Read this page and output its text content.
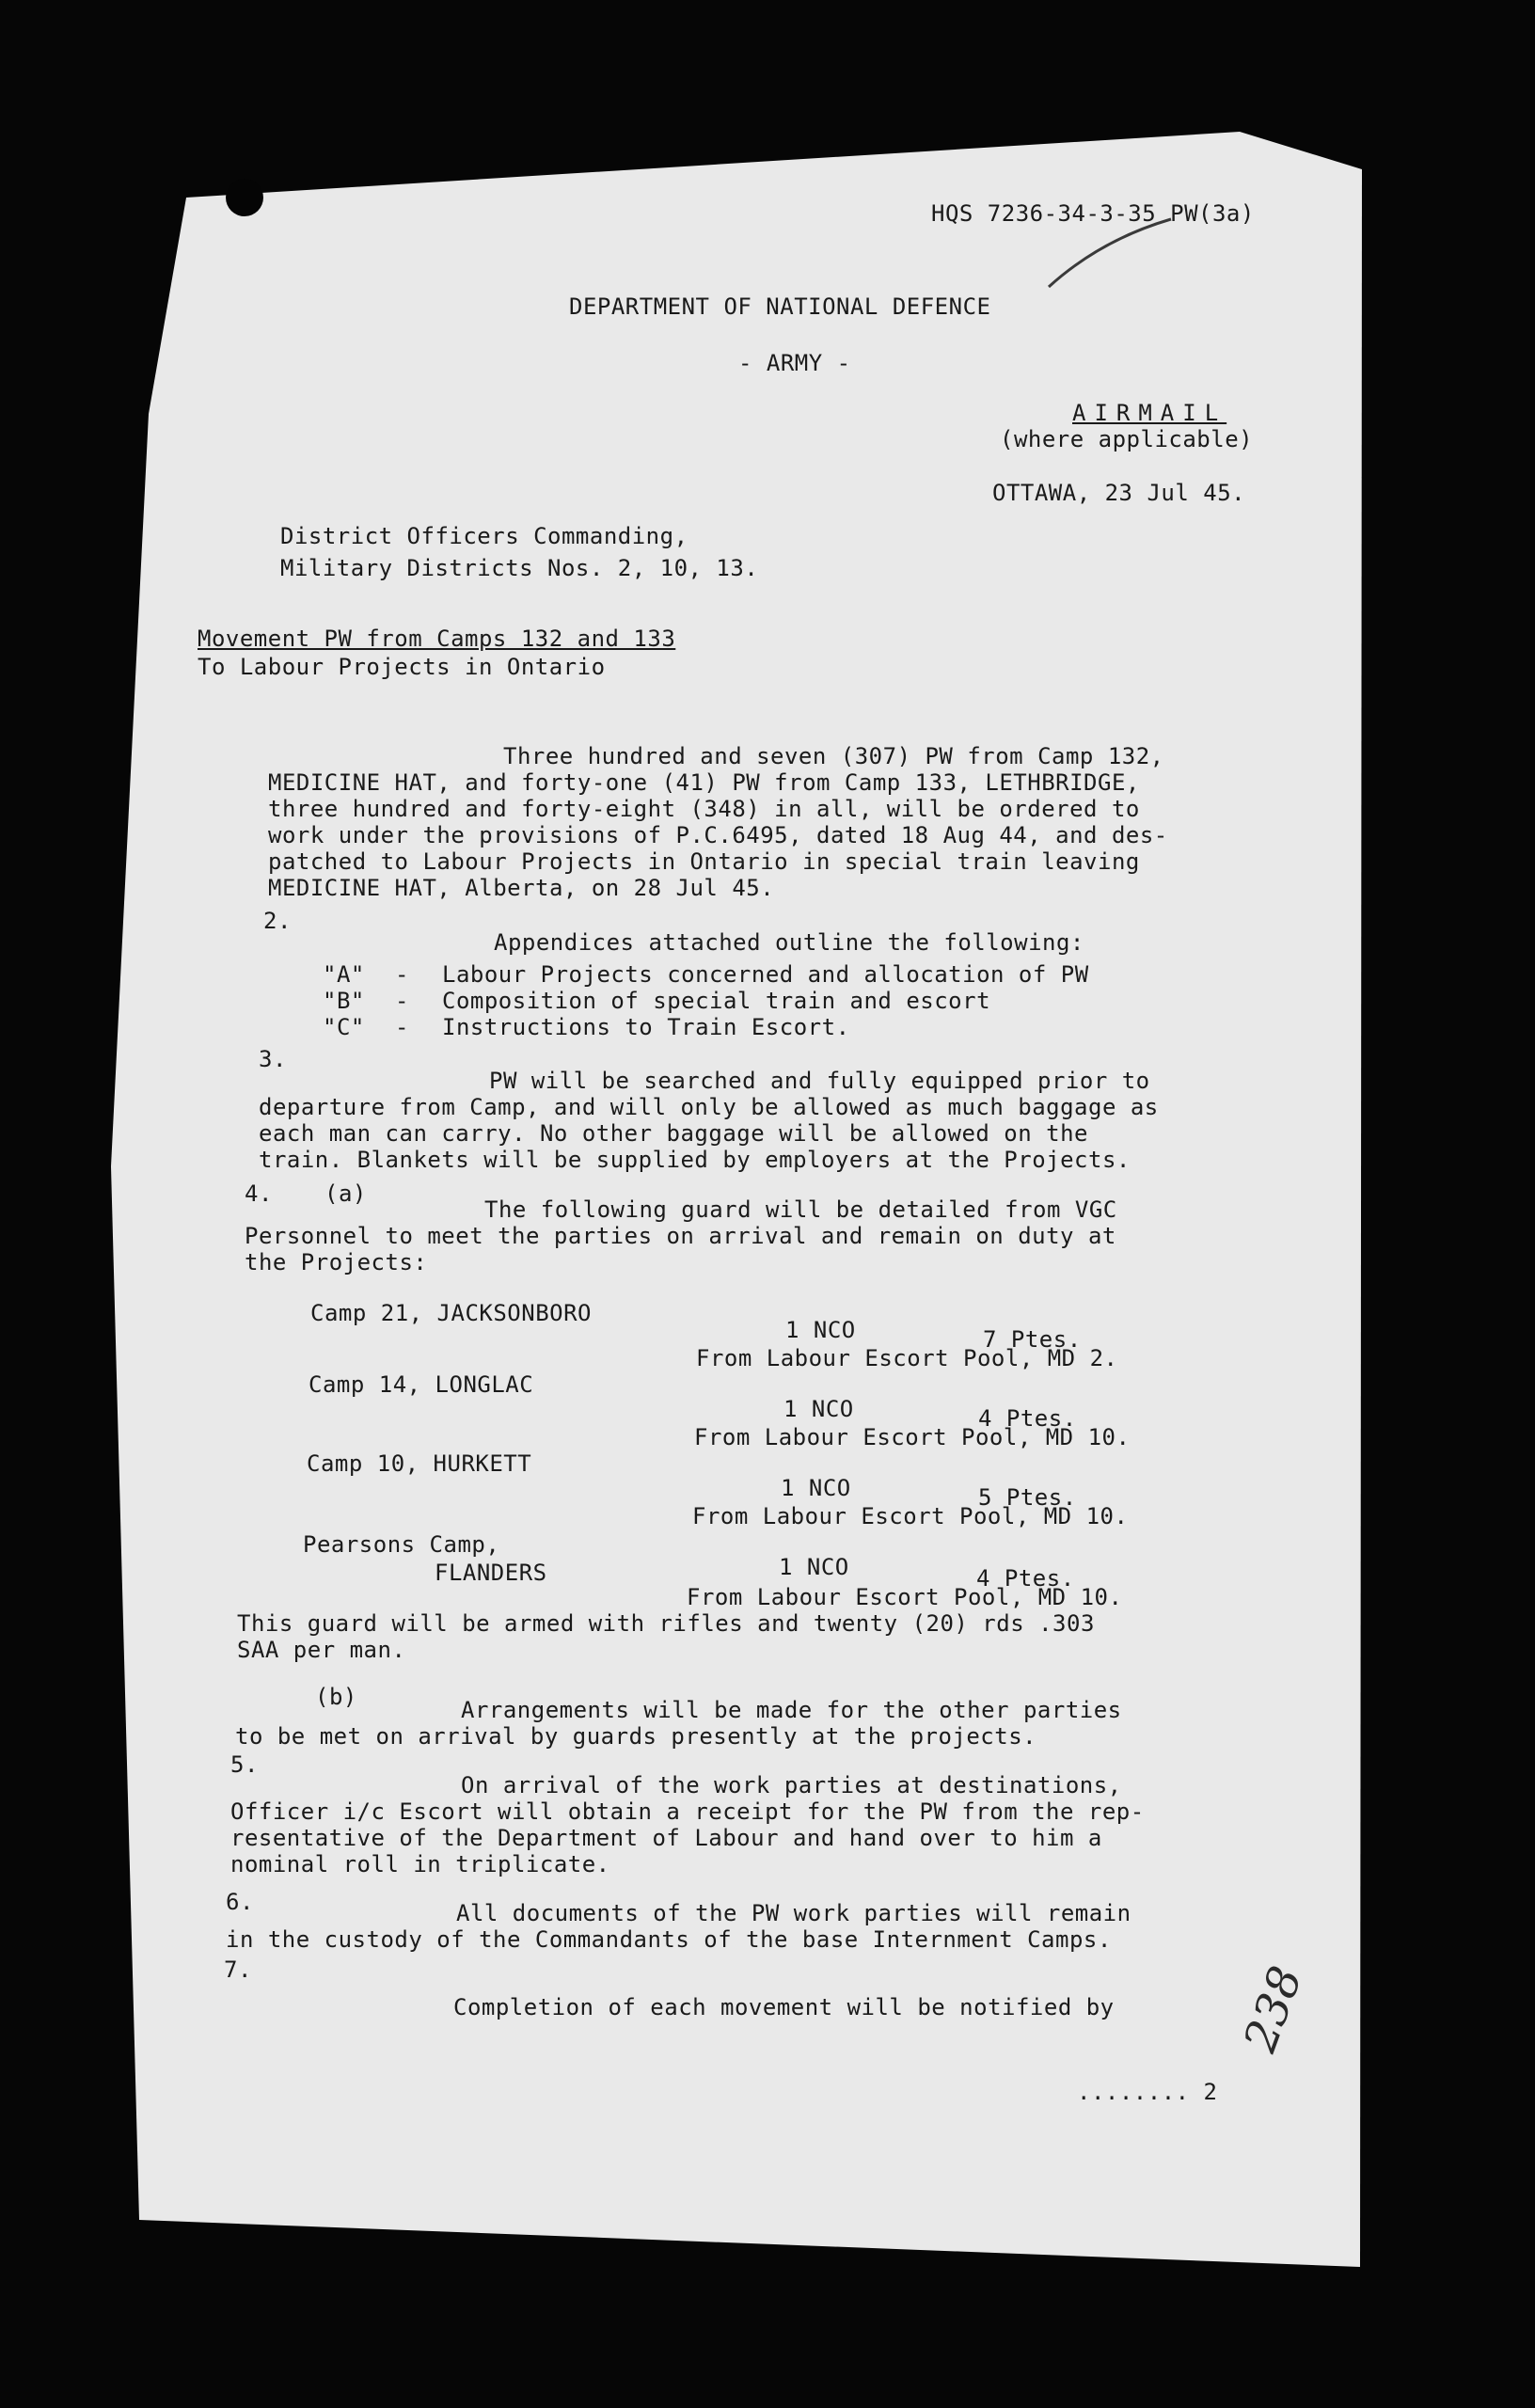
HQS 7236-34-3-35 PW(3a)
DEPARTMENT OF NATIONAL DEFENCE
- ARMY -
AIRMAIL
(where applicable)
OTTAWA, 23 Jul 45.
District Officers Commanding,
Military Districts Nos. 2, 10, 13.
Movement PW from Camps 132 and 133
To Labour Projects in Ontario
Three hundred and seven (307) PW from Camp 132,
MEDICINE HAT, and forty-one (41) PW from Camp 133, LETHBRIDGE,
three hundred and forty-eight (348) in all, will be ordered to
work under the provisions of P.C.6495, dated 18 Aug 44, and des-
patched to Labour Projects in Ontario in special train leaving
MEDICINE HAT, Alberta, on 28 Jul 45.
2.
Appendices attached outline the following:
"A" - Labour Projects concerned and allocation of PW
"B" - Composition of special train and escort
"C" - Instructions to Train Escort.
3.
PW will be searched and fully equipped prior to
departure from Camp, and will only be allowed as much baggage as
each man can carry. No other baggage will be allowed on the
train. Blankets will be supplied by employers at the Projects.
4. (a)
The following guard will be detailed from VGC
Personnel to meet the parties on arrival and remain on duty at
the Projects:
Camp 21, JACKSONBORO
1 NCO	7 Ptes.
From Labour Escort Pool, MD 2.
Camp 14, LONGLAC
1 NCO	4 Ptes.
From Labour Escort Pool, MD 10.
Camp 10, HURKETT
1 NCO	5 Ptes.
From Labour Escort Pool, MD 10.
Pearsons Camp,
FLANDERS	1 NCO	4 Ptes.
From Labour Escort Pool, MD 10.
This guard will be armed with rifles and twenty (20) rds .303
SAA per man.
(b)	Arrangements will be made for the other parties
to be met on arrival by guards presently at the projects.
5.
On arrival of the work parties at destinations,
Officer i/c Escort will obtain a receipt for the PW from the rep-
resentative of the Department of Labour and hand over to him a
nominal roll in triplicate.
6.	All documents of the PW work parties will remain
in the custody of the Commandants of the base Internment Camps.
7.
Completion of each movement will be notified by	238
........ 2
